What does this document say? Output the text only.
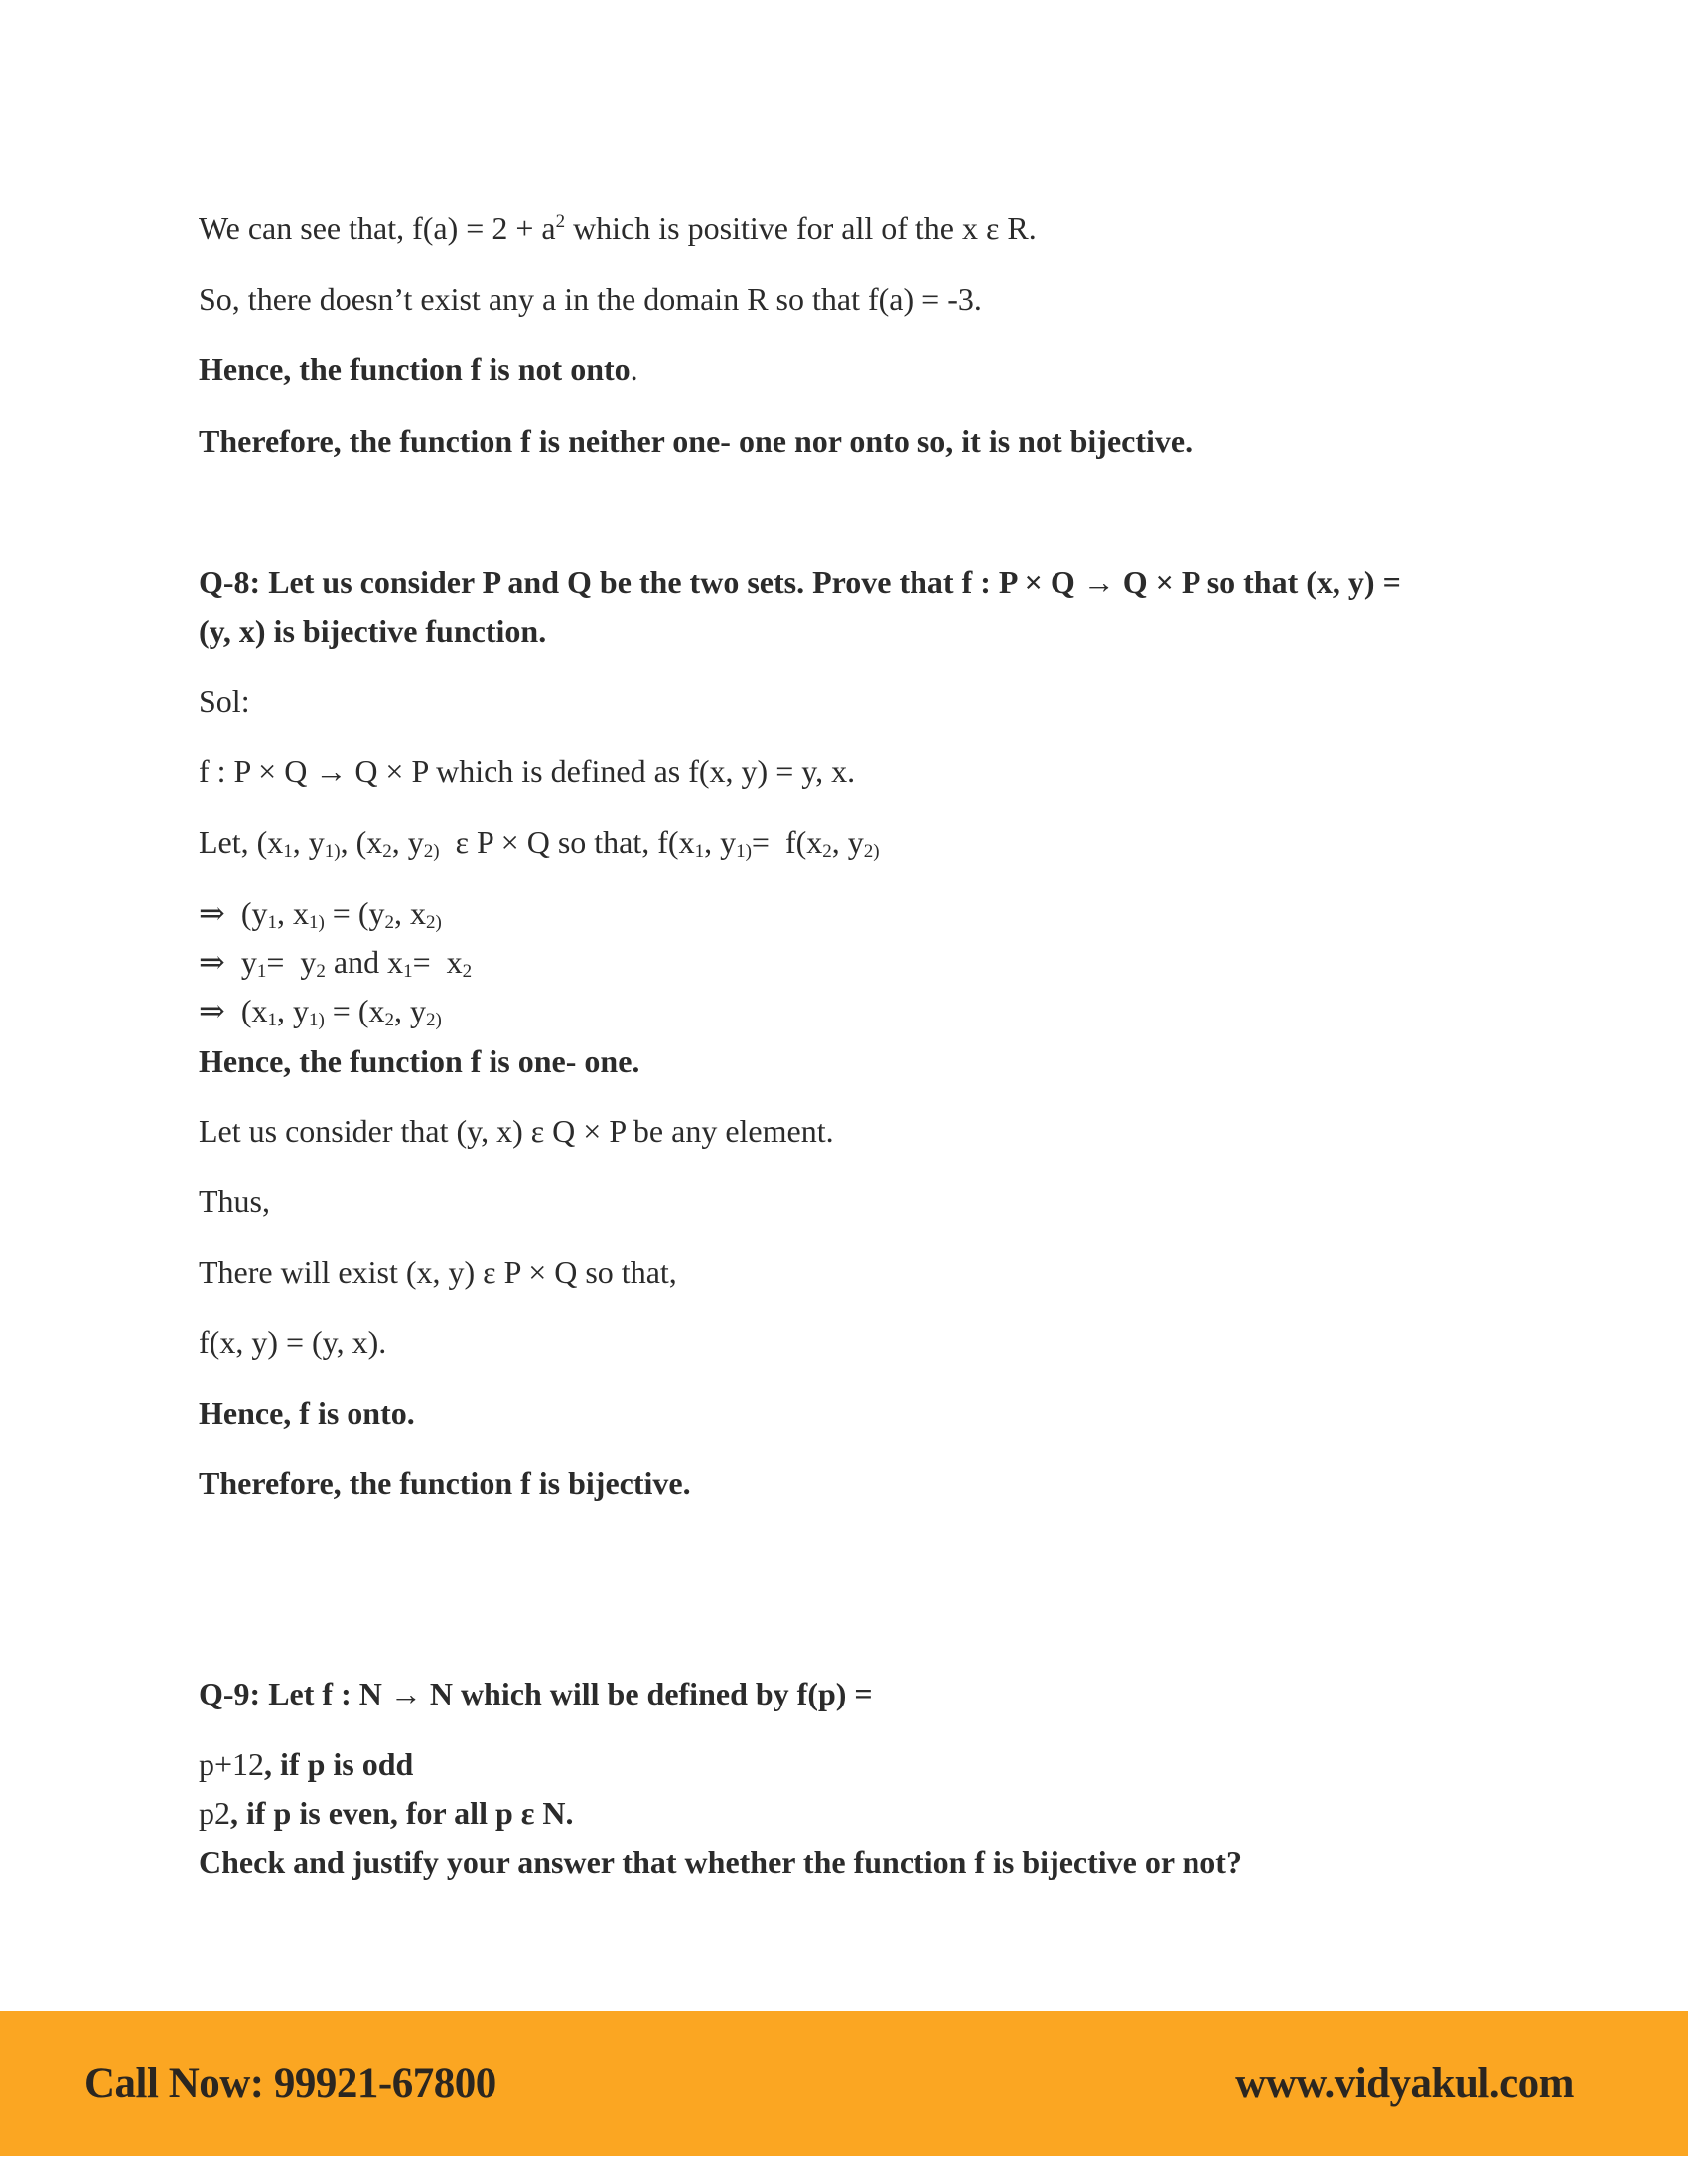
We can see that, $f(a) = 2 + a^2$ which is positive for all of the x ε R.
So, there doesn’t exist any a in the domain R so that f(a) = -3.
Hence, the function f is not onto.
Therefore, the function f is neither one- one nor onto so, it is not bijective.
Q-8: Let us consider P and Q be the two sets. Prove that f : P × Q → Q × P so that (x, y) =
(y, x) is bijective function.
Sol:
f : P × Q → Q × P which is defined as f(x, y) = y, x.
Let, ($x_1$, $y_{1)}$, ($x_2$, $y_{2)}$  ε P × Q so that, $f(x_1$, $y_{1)}= f(x_2$, $y_{2)}$
⇒  ($y_1$, $x_{1)} = (y_2$, $x_{2)}$
⇒  $y_1= y_2$ and $x_1= x_2$
⇒  ($x_1$, $y_{1)} = (x_2$, $y_{2)}$
Hence, the function f is one- one.
Let us consider that (y, x) ε Q × P be any element.
Thus,
There will exist (x, y) ε P × Q so that,
f(x, y) = (y, x).
Hence, f is onto.
Therefore, the function f is bijective.
Q-9: Let f : N → N which will be defined by f(p) =
p+12, if p is odd
p2, if p is even, for all p ε N.
Check and justify your answer that whether the function f is bijective or not?
Call Now: 99921-67800	www.vidyakul.com
